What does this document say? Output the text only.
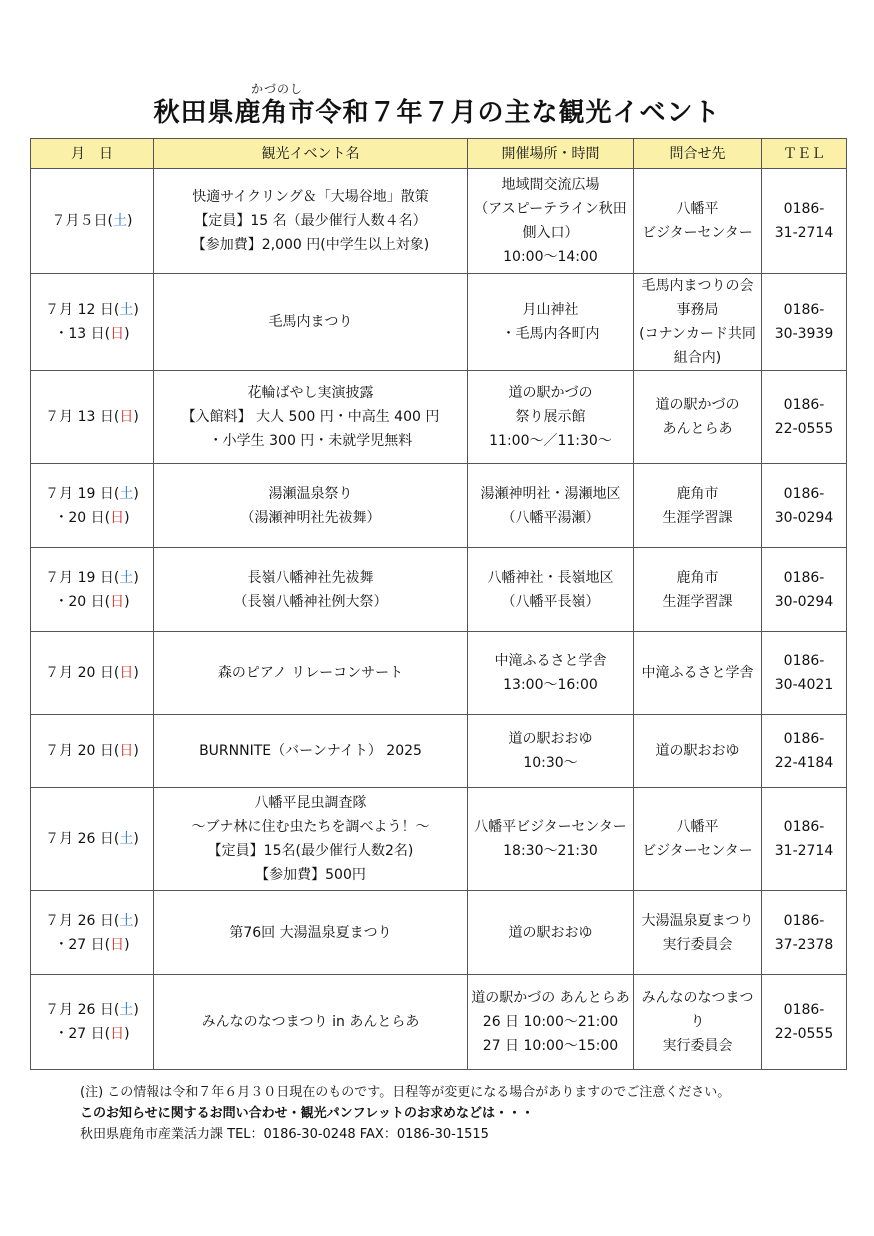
かづのし
秋田県鹿角市令和７年７月の主な観光イベント
月　日	観光イベント名	開催場所・時間	問合せ先	ＴＥＬ

７月５日(土)	快適サイクリング＆「大場谷地」散策
【定員】15 名（最少催行人数４名）
【参加費】2,000 円(中学生以上対象)	地域間交流広場
（アスピーテライン秋田
側入口）
10:00～14:00	八幡平
ビジターセンター	0186-
31-2714

７月 12 日(土)
・13 日(日)	毛馬内まつり	月山神社
・毛馬内各町内	毛馬内まつりの会
事務局
(コナンカード共同
組合内)	0186-
30-3939

７月 13 日(日)	花輪ばやし実演披露
【入館料】 大人 500 円・中高生 400 円
・小学生 300 円・未就学児無料	道の駅かづの
祭り展示館
11:00～／11:30～	道の駅かづの
あんとらあ	0186-
22-0555

７月 19 日(土)
・20 日(日)	湯瀬温泉祭り
（湯瀬神明社先祓舞）	湯瀬神明社・湯瀬地区
（八幡平湯瀬）	鹿角市
生涯学習課	0186-
30-0294

７月 19 日(土)
・20 日(日)	長嶺八幡神社先祓舞
（長嶺八幡神社例大祭）	八幡神社・長嶺地区
（八幡平長嶺）	鹿角市
生涯学習課	0186-
30-0294

７月 20 日(日)	森のピアノ リレーコンサート	中滝ふるさと学舎
13:00～16:00	中滝ふるさと学舎	0186-
30-4021

７月 20 日(日)	BURNNITE（バーンナイト） 2025	道の駅おおゆ
10:30～	道の駅おおゆ	0186-
22-4184

７月 26 日(土)	八幡平昆虫調査隊
～ブナ林に住む虫たちを調べよう！～
【定員】15名(最少催行人数2名)
【参加費】500円	八幡平ビジターセンター
18:30～21:30	八幡平
ビジターセンター	0186-
31-2714

７月 26 日(土)
・27 日(日)	第76回 大湯温泉夏まつり	道の駅おおゆ	大湯温泉夏まつり
実行委員会	0186-
37-2378

７月 26 日(土)
・27 日(日)	みんなのなつまつり in あんとらあ	道の駅かづの あんとらあ
26 日 10:00～21:00
27 日 10:00～15:00	みんなのなつまつり
実行委員会	0186-
22-0555
(注) この情報は令和７年６月３０日現在のものです。日程等が変更になる場合がありますのでご注意ください。
このお知らせに関するお問い合わせ・観光パンフレットのお求めなどは・・・
秋田県鹿角市産業活力課 TEL：0186-30-0248 FAX：0186-30-1515
